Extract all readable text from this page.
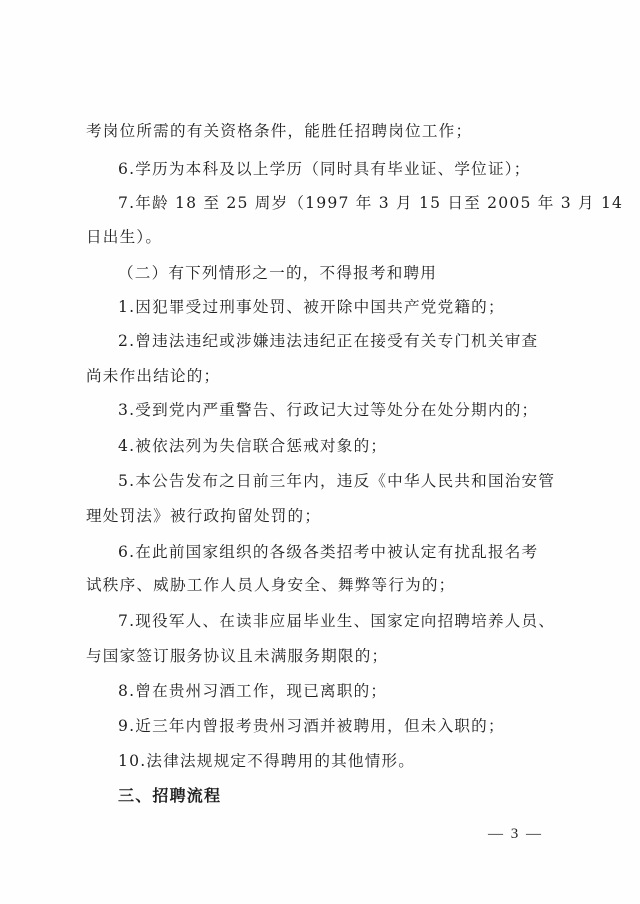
考岗位所需的有关资格条件，能胜任招聘岗位工作；
6.学历为本科及以上学历（同时具有毕业证、学位证）；
7.年龄 18 至 25 周岁（1997 年 3 月 15 日至 2005 年 3 月 14
日出生）。
（二）有下列情形之一的，不得报考和聘用
1.因犯罪受过刑事处罚、被开除中国共产党党籍的；
2.曾违法违纪或涉嫌违法违纪正在接受有关专门机关审查
尚未作出结论的；
3.受到党内严重警告、行政记大过等处分在处分期内的；
4.被依法列为失信联合惩戒对象的；
5.本公告发布之日前三年内，违反《中华人民共和国治安管
理处罚法》被行政拘留处罚的；
6.在此前国家组织的各级各类招考中被认定有扰乱报名考
试秩序、威胁工作人员人身安全、舞弊等行为的；
7.现役军人、在读非应届毕业生、国家定向招聘培养人员、
与国家签订服务协议且未满服务期限的；
8.曾在贵州习酒工作，现已离职的；
9.近三年内曾报考贵州习酒并被聘用，但未入职的；
10.法律法规规定不得聘用的其他情形。
三、招聘流程
— 3 —
